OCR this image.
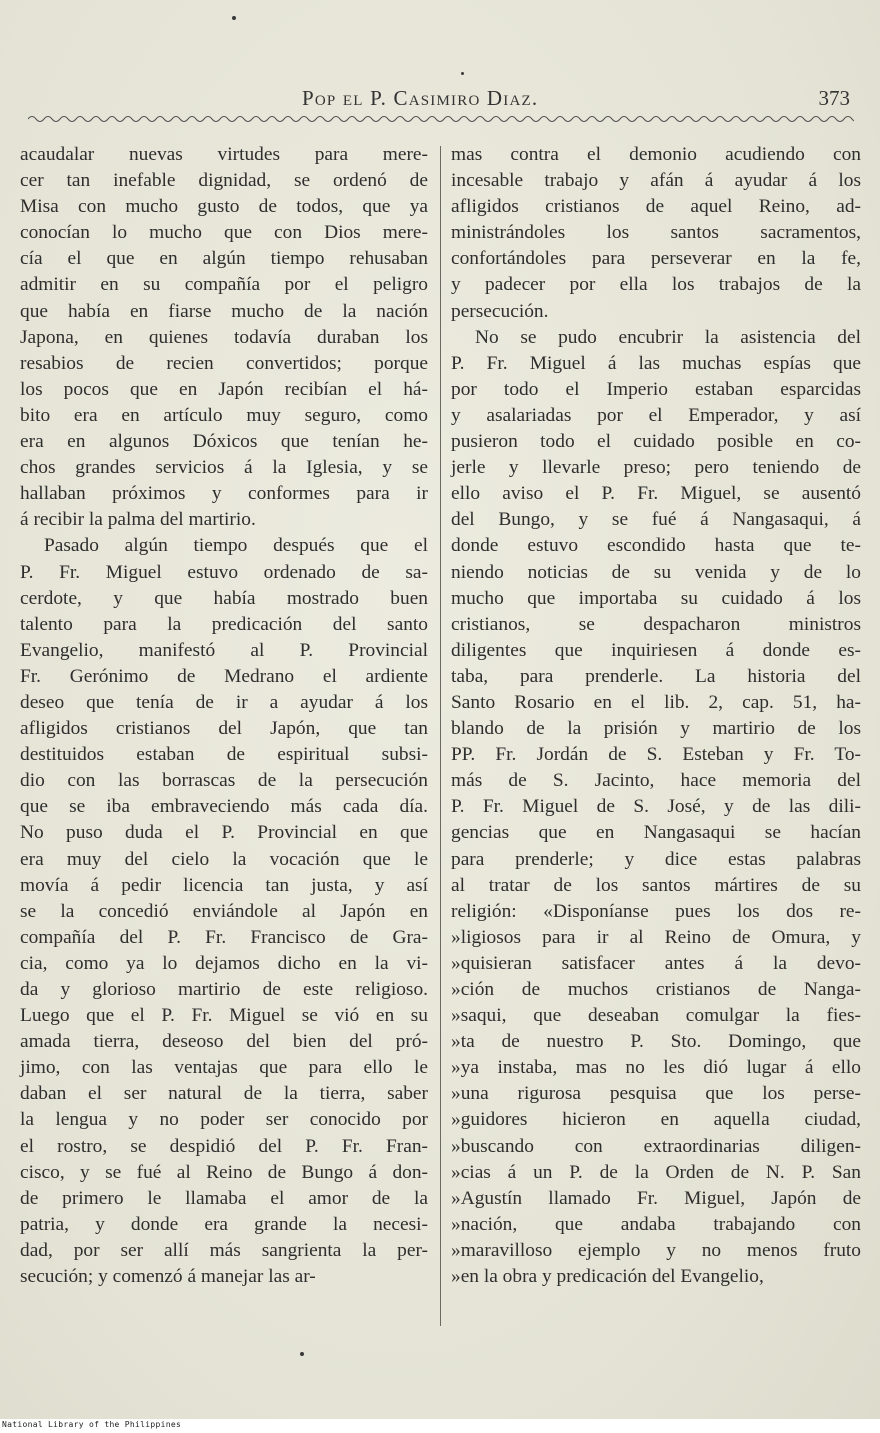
Pop el P. Casimiro Diaz.	373
acaudalar nuevas virtudes para mere-
cer tan inefable dignidad, se ordenó de
Misa con mucho gusto de todos, que ya
conocían lo mucho que con Dios mere-
cía el que en algún tiempo rehusaban
admitir en su compañía por el peligro
que había en fiarse mucho de la nación
Japona, en quienes todavía duraban los
resabios de recien convertidos; porque
los pocos que en Japón recibían el há-
bito era en artículo muy seguro, como
era en algunos Dóxicos que tenían he-
chos grandes servicios á la Iglesia, y se
hallaban próximos y conformes para ir
á recibir la palma del martirio.
Pasado algún tiempo después que el
P. Fr. Miguel estuvo ordenado de sa-
cerdote, y que había mostrado buen
talento para la predicación del santo
Evangelio, manifestó al P. Provincial
Fr. Gerónimo de Medrano el ardiente
deseo que tenía de ir a ayudar á los
afligidos cristianos del Japón, que tan
destituidos estaban de espiritual subsi-
dio con las borrascas de la persecución
que se iba embraveciendo más cada día.
No puso duda el P. Provincial en que
era muy del cielo la vocación que le
movía á pedir licencia tan justa, y así
se la concedió enviándole al Japón en
compañía del P. Fr. Francisco de Gra-
cia, como ya lo dejamos dicho en la vi-
da y glorioso martirio de este religioso.
Luego que el P. Fr. Miguel se vió en su
amada tierra, deseoso del bien del pró-
jimo, con las ventajas que para ello le
daban el ser natural de la tierra, saber
la lengua y no poder ser conocido por
el rostro, se despidió del P. Fr. Fran-
cisco, y se fué al Reino de Bungo á don-
de primero le llamaba el amor de la
patria, y donde era grande la necesi-
dad, por ser allí más sangrienta la per-
secución; y comenzó á manejar las ar-
mas contra el demonio acudiendo con
incesable trabajo y afán á ayudar á los
afligidos cristianos de aquel Reino, ad-
ministrándoles los santos sacramentos,
confortándoles para perseverar en la fe,
y padecer por ella los trabajos de la
persecución.
No se pudo encubrir la asistencia del
P. Fr. Miguel á las muchas espías que
por todo el Imperio estaban esparcidas
y asalariadas por el Emperador, y así
pusieron todo el cuidado posible en co-
jerle y llevarle preso; pero teniendo de
ello aviso el P. Fr. Miguel, se ausentó
del Bungo, y se fué á Nangasaqui, á
donde estuvo escondido hasta que te-
niendo noticias de su venida y de lo
mucho que importaba su cuidado á los
cristianos, se despacharon ministros
diligentes que inquiriesen á donde es-
taba, para prenderle. La historia del
Santo Rosario en el lib. 2, cap. 51, ha-
blando de la prisión y martirio de los
PP. Fr. Jordán de S. Esteban y Fr. To-
más de S. Jacinto, hace memoria del
P. Fr. Miguel de S. José, y de las dili-
gencias que en Nangasaqui se hacían
para prenderle; y dice estas palabras
al tratar de los santos mártires de su
religión: «Disponíanse pues los dos re-
»ligiosos para ir al Reino de Omura, y
»quisieran satisfacer antes á la devo-
»ción de muchos cristianos de Nanga-
»saqui, que deseaban comulgar la fies-
»ta de nuestro P. Sto. Domingo, que
»ya instaba, mas no les dió lugar á ello
»una rigurosa pesquisa que los perse-
»guidores hicieron en aquella ciudad,
»buscando con extraordinarias diligen-
»cias á un P. de la Orden de N. P. San
»Agustín llamado Fr. Miguel, Japón de
»nación, que andaba trabajando con
»maravilloso ejemplo y no menos fruto
»en la obra y predicación del Evangelio,
National Library of the Philippines
